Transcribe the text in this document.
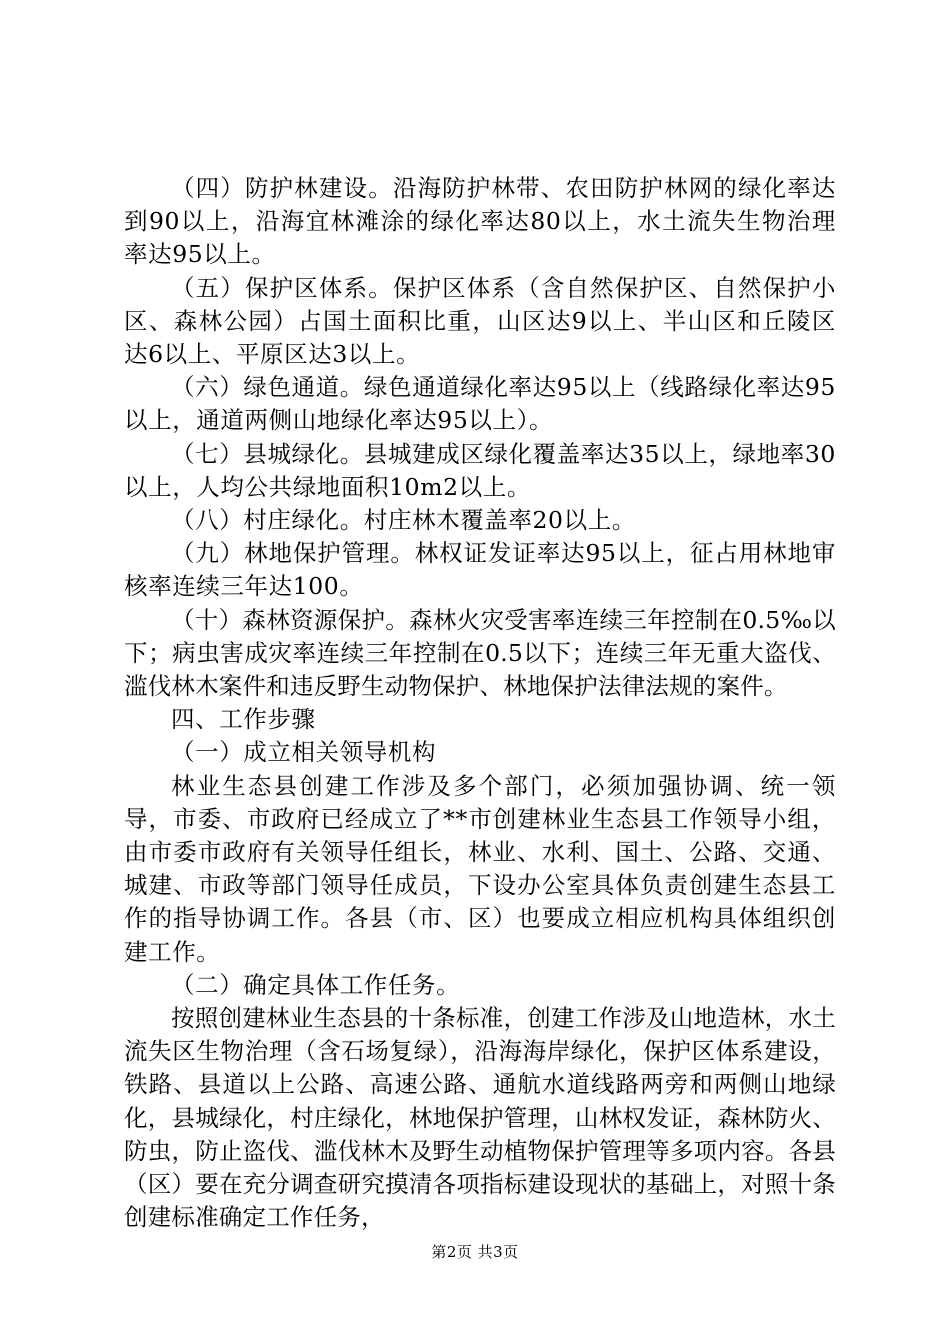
（四）防护林建设。沿海防护林带、农田防护林网的绿化率达到90以上，沿海宜林滩涂的绿化率达80以上，水土流失生物治理率达95以上。

（五）保护区体系。保护区体系（含自然保护区、自然保护小区、森林公园）占国土面积比重，山区达9以上、半山区和丘陵区达6以上、平原区达3以上。

（六）绿色通道。绿色通道绿化率达95以上（线路绿化率达95以上，通道两侧山地绿化率达95以上）。

（七）县城绿化。县城建成区绿化覆盖率达35以上，绿地率30以上，人均公共绿地面积10m2以上。

（八）村庄绿化。村庄林木覆盖率20以上。

（九）林地保护管理。林权证发证率达95以上，征占用林地审核率连续三年达100。

（十）森林资源保护。森林火灾受害率连续三年控制在0.5‰以下；病虫害成灾率连续三年控制在0.5以下；连续三年无重大盗伐、滥伐林木案件和违反野生动物保护、林地保护法律法规的案件。

四、工作步骤

（一）成立相关领导机构

林业生态县创建工作涉及多个部门，必须加强协调、统一领导，市委、市政府已经成立了**市创建林业生态县工作领导小组，由市委市政府有关领导任组长，林业、水利、国土、公路、交通、城建、市政等部门领导任成员，下设办公室具体负责创建生态县工作的指导协调工作。各县（市、区）也要成立相应机构具体组织创建工作。

（二）确定具体工作任务。

按照创建林业生态县的十条标准，创建工作涉及山地造林，水土流失区生物治理（含石场复绿），沿海海岸绿化，保护区体系建设，铁路、县道以上公路、高速公路、通航水道线路两旁和两侧山地绿化，县城绿化，村庄绿化，林地保护管理，山林权发证，森林防火、防虫，防止盗伐、滥伐林木及野生动植物保护管理等多项内容。各县（区）要在充分调查研究摸清各项指标建设现状的基础上，对照十条创建标准确定工作任务，

第2页 共3页
